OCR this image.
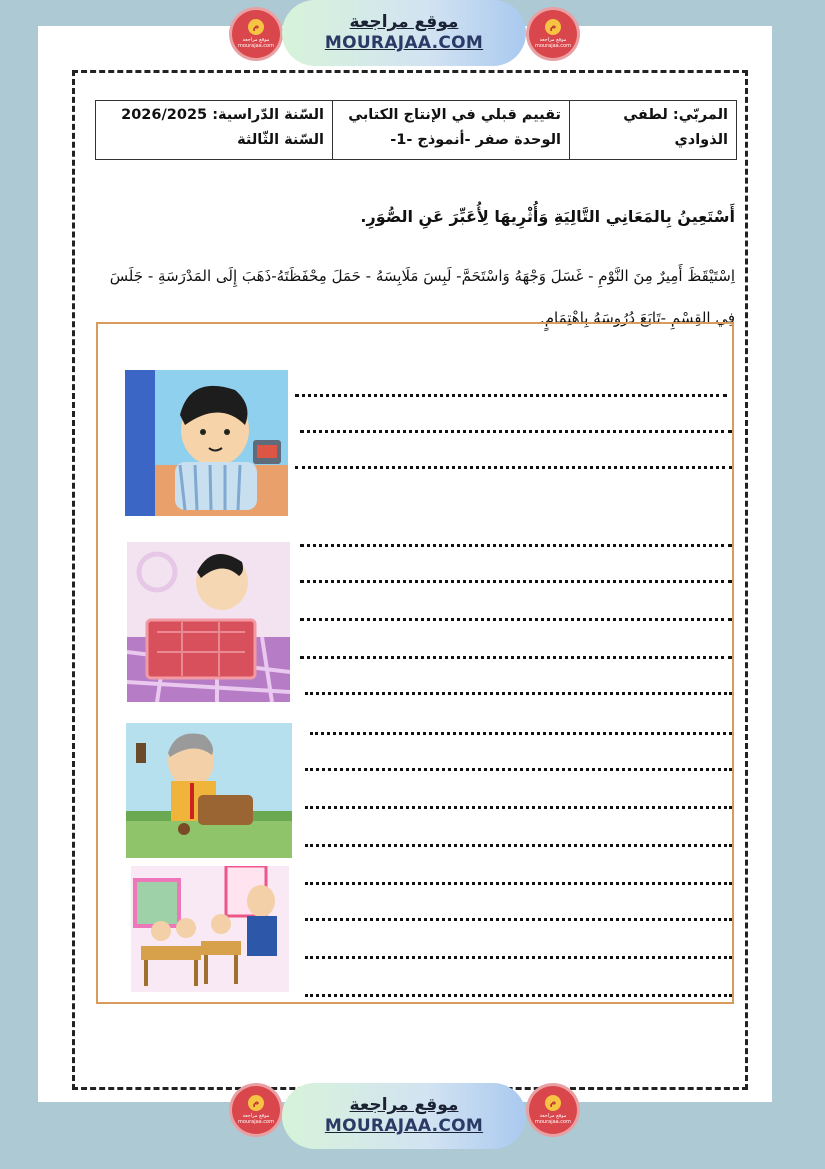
م
موقع مراجعة
mourajaa.com
موقع مراجعة
MOURAJAA.COM
م
موقع مراجعة
mourajaa.com
المربّي: لطفي الذوادي

تقييم قبلي في الإنتاج الكتابي
الوحدة صفر -أنموذج -1-

السّنة الدّراسية: 2026/2025
السّنة الثّالثة
أَسْتَعِينُ بِالمَعَانِي التَّالِيَةِ وَأُثْرِيهَا لِأُعَبِّرَ عَنِ الصُّوَرِ.
اِسْتَيْقَظَ أَمِيرٌ مِنَ النَّوْمِ - غَسَلَ وَجْهَهُ وَاسْتَحَمَّ- لَبِسَ مَلَابِسَهُ - حَمَلَ مِحْفَظَتَهُ-ذَهَبَ إِلَى المَدْرَسَةِ - جَلَسَ فِي القِسْمِ -تَابَعَ دُرُوسَهُ بِاهْتِمَامٍ.
م
موقع مراجعة
mourajaa.com
موقع مراجعة
MOURAJAA.COM
م
موقع مراجعة
mourajaa.com
